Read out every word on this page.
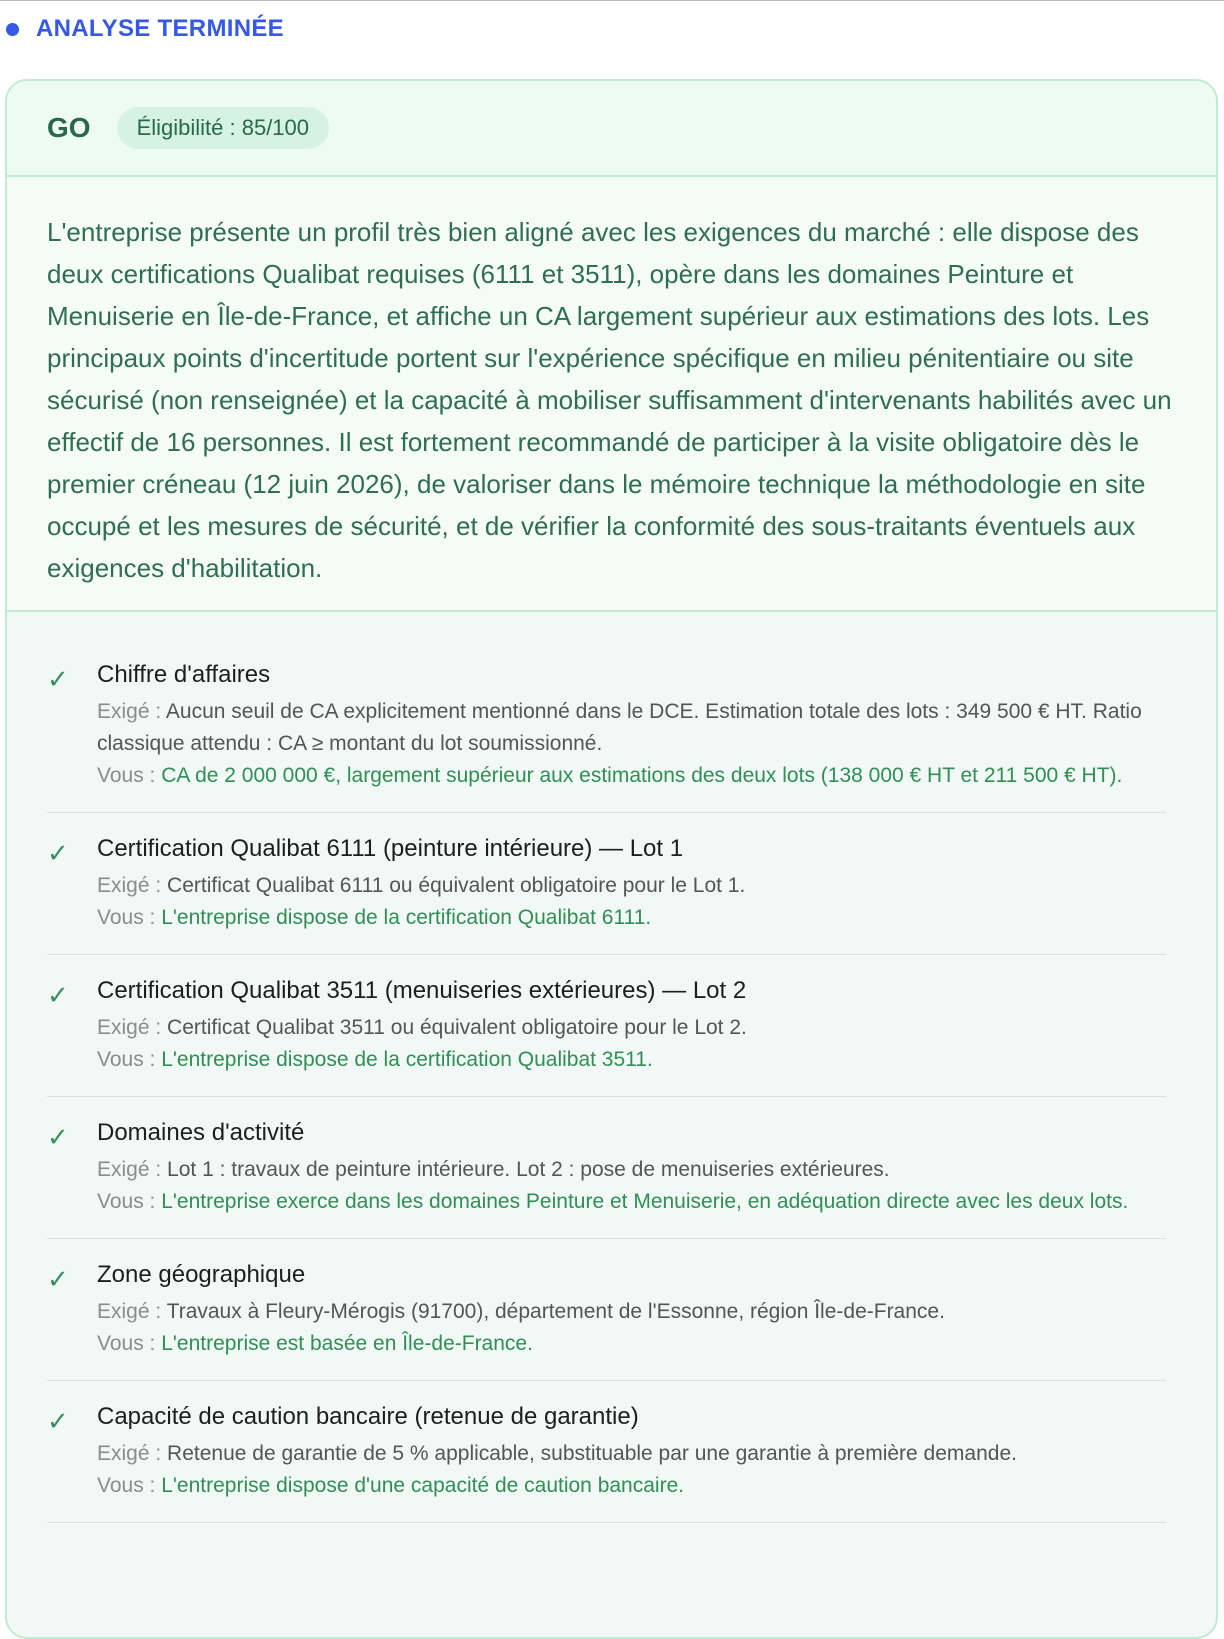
ANALYSE TERMINÉE
GO	Éligibilité : 85/100

L'entreprise présente un profil très bien aligné avec les exigences du marché : elle dispose des deux certifications Qualibat requises (6111 et 3511), opère dans les domaines Peinture et Menuiserie en Île-de-France, et affiche un CA largement supérieur aux estimations des lots. Les principaux points d'incertitude portent sur l'expérience spécifique en milieu pénitentiaire ou site sécurisé (non renseignée) et la capacité à mobiliser suffisamment d'intervenants habilités avec un effectif de 16 personnes. Il est fortement recommandé de participer à la visite obligatoire dès le premier créneau (12 juin 2026), de valoriser dans le mémoire technique la méthodologie en site occupé et les mesures de sécurité, et de vérifier la conformité des sous-traitants éventuels aux exigences d'habilitation.

✓	Chiffre d'affaires

Exigé : Aucun seuil de CA explicitement mentionné dans le DCE. Estimation totale des lots : 349 500 € HT. Ratio classique attendu : CA ≥ montant du lot soumissionné.

Vous : CA de 2 000 000 €, largement supérieur aux estimations des deux lots (138 000 € HT et 211 500 € HT).

✓	Certification Qualibat 6111 (peinture intérieure) — Lot 1

Exigé : Certificat Qualibat 6111 ou équivalent obligatoire pour le Lot 1.

Vous : L'entreprise dispose de la certification Qualibat 6111.

✓	Certification Qualibat 3511 (menuiseries extérieures) — Lot 2

Exigé : Certificat Qualibat 3511 ou équivalent obligatoire pour le Lot 2.

Vous : L'entreprise dispose de la certification Qualibat 3511.

✓	Domaines d'activité

Exigé : Lot 1 : travaux de peinture intérieure. Lot 2 : pose de menuiseries extérieures.

Vous : L'entreprise exerce dans les domaines Peinture et Menuiserie, en adéquation directe avec les deux lots.

✓	Zone géographique

Exigé : Travaux à Fleury-Mérogis (91700), département de l'Essonne, région Île-de-France.

Vous : L'entreprise est basée en Île-de-France.

✓	Capacité de caution bancaire (retenue de garantie)

Exigé : Retenue de garantie de 5 % applicable, substituable par une garantie à première demande.

Vous : L'entreprise dispose d'une capacité de caution bancaire.
